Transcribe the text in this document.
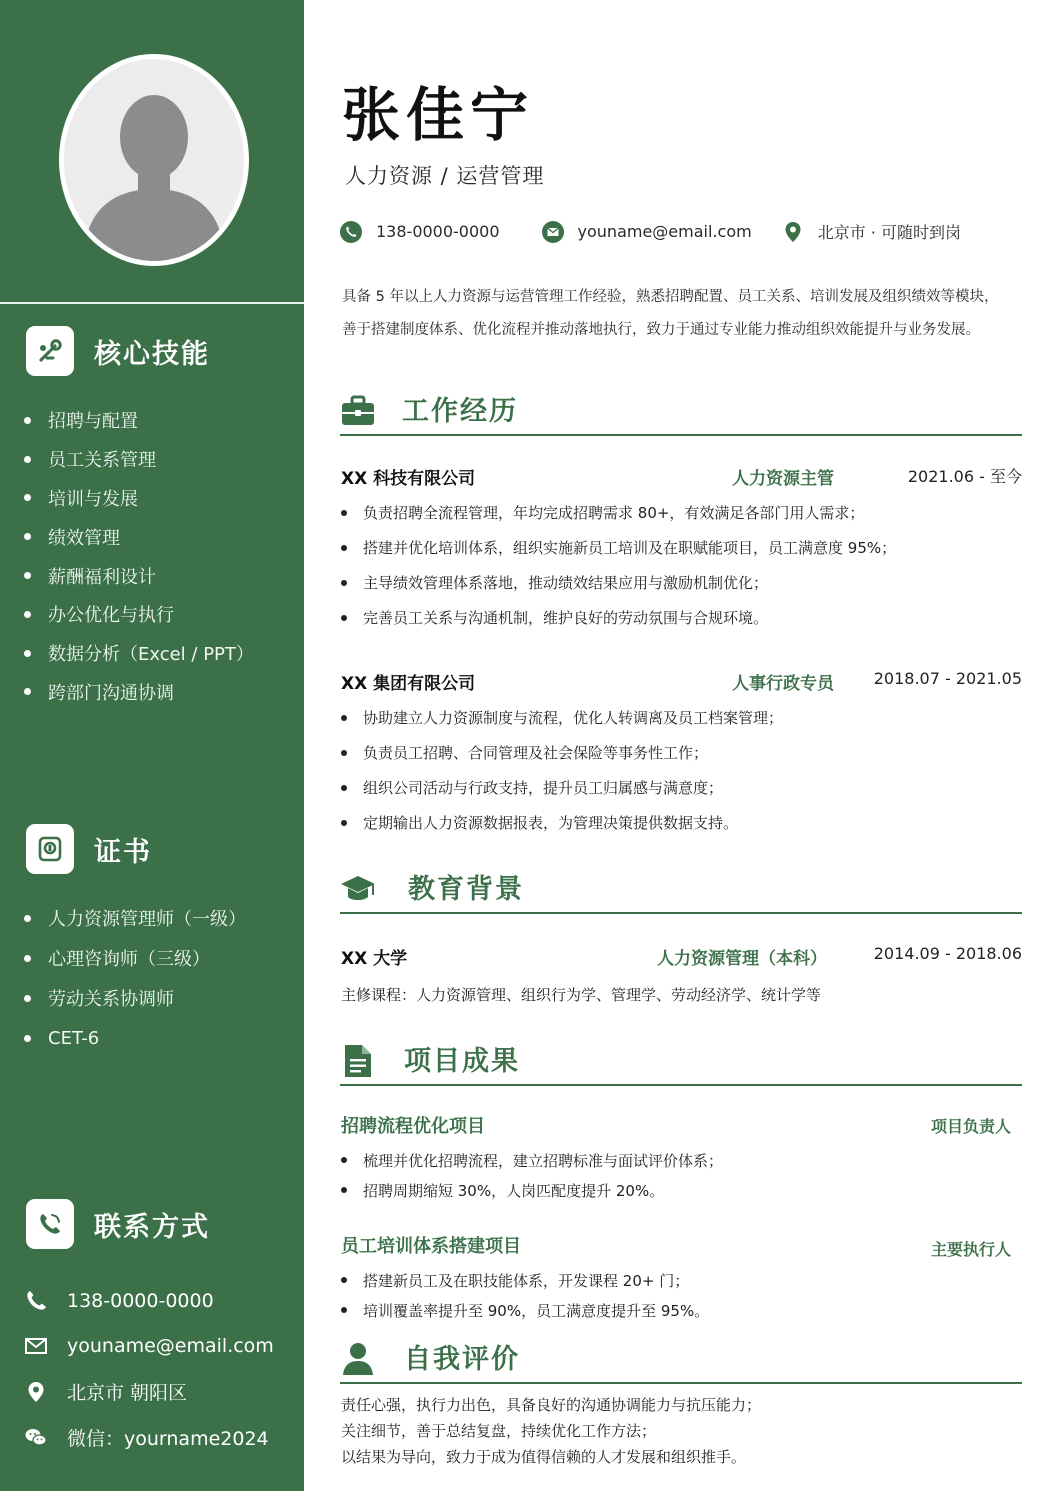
核心技能
招聘与配置
员工关系管理
培训与发展
绩效管理
薪酬福利设计
办公优化与执行
数据分析（Excel / PPT）
跨部门沟通协调
证书
人力资源管理师（一级）
心理咨询师（三级）
劳动关系协调师
CET-6
联系方式
138-0000-0000
youname@email.com
北京市 朝阳区
微信：yourname2024
张佳宁
人力资源 / 运营管理
138-0000-0000	youname@email.com	北京市 · 可随时到岗
具备 5 年以上人力资源与运营管理工作经验，熟悉招聘配置、员工关系、培训发展及组织绩效等模块，
善于搭建制度体系、优化流程并推动落地执行，致力于通过专业能力推动组织效能提升与业务发展。
工作经历
XX 科技有限公司	人力资源主管	2021.06 - 至今
负责招聘全流程管理，年均完成招聘需求 80+，有效满足各部门用人需求；
搭建并优化培训体系，组织实施新员工培训及在职赋能项目，员工满意度 95%；
主导绩效管理体系落地，推动绩效结果应用与激励机制优化；
完善员工关系与沟通机制，维护良好的劳动氛围与合规环境。
XX 集团有限公司	人事行政专员 2018.07 - 2021.05
协助建立人力资源制度与流程，优化人转调离及员工档案管理；
负责员工招聘、合同管理及社会保险等事务性工作；
组织公司活动与行政支持，提升员工归属感与满意度；
定期输出人力资源数据报表，为管理决策提供数据支持。
教育背景
XX 大学	人力资源管理（本科）	2014.09 - 2018.06
主修课程：人力资源管理、组织行为学、管理学、劳动经济学、统计学等
项目成果
招聘流程优化项目	项目负责人
梳理并优化招聘流程，建立招聘标准与面试评价体系；
招聘周期缩短 30%，人岗匹配度提升 20%。
员工培训体系搭建项目	主要执行人
搭建新员工及在职技能体系，开发课程 20+ 门；
培训覆盖率提升至 90%，员工满意度提升至 95%。
自我评价
责任心强，执行力出色，具备良好的沟通协调能力与抗压能力；
关注细节，善于总结复盘，持续优化工作方法；
以结果为导向，致力于成为值得信赖的人才发展和组织推手。
